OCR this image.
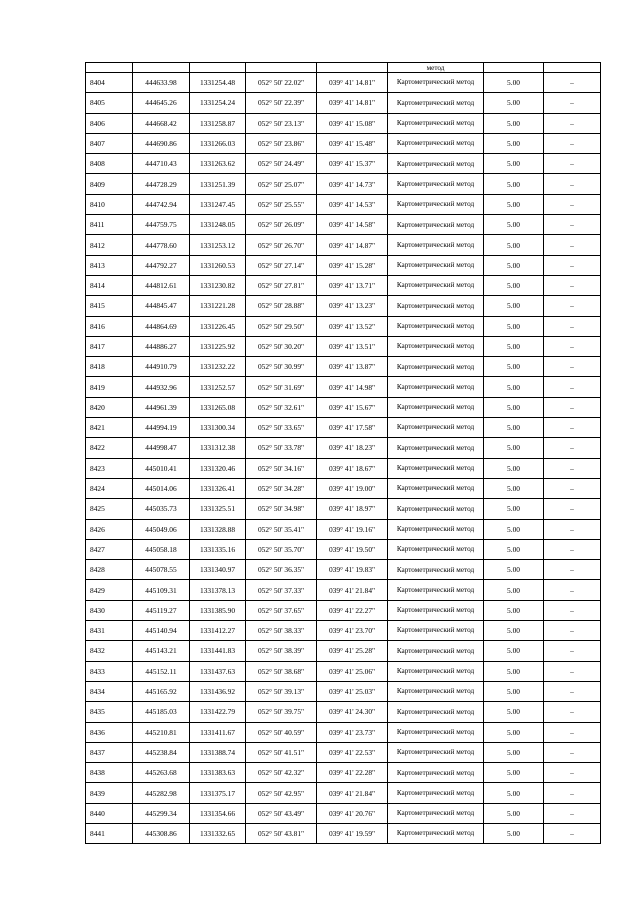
					метод		
8404	444633.98	1331254.48	052° 50' 22.02"	039° 41' 14.81"	Картометрический метод	5.00	–
8405	444645.26	1331254.24	052° 50' 22.39"	039° 41' 14.81"	Картометрический метод	5.00	–
8406	444668.42	1331258.87	052° 50' 23.13"	039° 41' 15.08"	Картометрический метод	5.00	–
8407	444690.86	1331266.03	052° 50' 23.86"	039° 41' 15.48"	Картометрический метод	5.00	–
8408	444710.43	1331263.62	052° 50' 24.49"	039° 41' 15.37"	Картометрический метод	5.00	–
8409	444728.29	1331251.39	052° 50' 25.07"	039° 41' 14.73"	Картометрический метод	5.00	–
8410	444742.94	1331247.45	052° 50' 25.55"	039° 41' 14.53"	Картометрический метод	5.00	–
8411	444759.75	1331248.05	052° 50' 26.09"	039° 41' 14.58"	Картометрический метод	5.00	–
8412	444778.60	1331253.12	052° 50' 26.70"	039° 41' 14.87"	Картометрический метод	5.00	–
8413	444792.27	1331260.53	052° 50' 27.14"	039° 41' 15.28"	Картометрический метод	5.00	–
8414	444812.61	1331230.82	052° 50' 27.81"	039° 41' 13.71"	Картометрический метод	5.00	–
8415	444845.47	1331221.28	052° 50' 28.88"	039° 41' 13.23"	Картометрический метод	5.00	–
8416	444864.69	1331226.45	052° 50' 29.50"	039° 41' 13.52"	Картометрический метод	5.00	–
8417	444886.27	1331225.92	052° 50' 30.20"	039° 41' 13.51"	Картометрический метод	5.00	–
8418	444910.79	1331232.22	052° 50' 30.99"	039° 41' 13.87"	Картометрический метод	5.00	–
8419	444932.96	1331252.57	052° 50' 31.69"	039° 41' 14.98"	Картометрический метод	5.00	–
8420	444961.39	1331265.08	052° 50' 32.61"	039° 41' 15.67"	Картометрический метод	5.00	–
8421	444994.19	1331300.34	052° 50' 33.65"	039° 41' 17.58"	Картометрический метод	5.00	–
8422	444998.47	1331312.38	052° 50' 33.78"	039° 41' 18.23"	Картометрический метод	5.00	–
8423	445010.41	1331320.46	052° 50' 34.16"	039° 41' 18.67"	Картометрический метод	5.00	–
8424	445014.06	1331326.41	052° 50' 34.28"	039° 41' 19.00"	Картометрический метод	5.00	–
8425	445035.73	1331325.51	052° 50' 34.98"	039° 41' 18.97"	Картометрический метод	5.00	–
8426	445049.06	1331328.88	052° 50' 35.41"	039° 41' 19.16"	Картометрический метод	5.00	–
8427	445058.18	1331335.16	052° 50' 35.70"	039° 41' 19.50"	Картометрический метод	5.00	–
8428	445078.55	1331340.97	052° 50' 36.35"	039° 41' 19.83"	Картометрический метод	5.00	–
8429	445109.31	1331378.13	052° 50' 37.33"	039° 41' 21.84"	Картометрический метод	5.00	–
8430	445119.27	1331385.90	052° 50' 37.65"	039° 41' 22.27"	Картометрический метод	5.00	–
8431	445140.94	1331412.27	052° 50' 38.33"	039° 41' 23.70"	Картометрический метод	5.00	–
8432	445143.21	1331441.83	052° 50' 38.39"	039° 41' 25.28"	Картометрический метод	5.00	–
8433	445152.11	1331437.63	052° 50' 38.68"	039° 41' 25.06"	Картометрический метод	5.00	–
8434	445165.92	1331436.92	052° 50' 39.13"	039° 41' 25.03"	Картометрический метод	5.00	–
8435	445185.03	1331422.79	052° 50' 39.75"	039° 41' 24.30"	Картометрический метод	5.00	–
8436	445210.81	1331411.67	052° 50' 40.59"	039° 41' 23.73"	Картометрический метод	5.00	–
8437	445238.84	1331388.74	052° 50' 41.51"	039° 41' 22.53"	Картометрический метод	5.00	–
8438	445263.68	1331383.63	052° 50' 42.32"	039° 41' 22.28"	Картометрический метод	5.00	–
8439	445282.98	1331375.17	052° 50' 42.95"	039° 41' 21.84"	Картометрический метод	5.00	–
8440	445299.34	1331354.66	052° 50' 43.49"	039° 41' 20.76"	Картометрический метод	5.00	–
8441	445308.86	1331332.65	052° 50' 43.81"	039° 41' 19.59"	Картометрический метод	5.00	–
